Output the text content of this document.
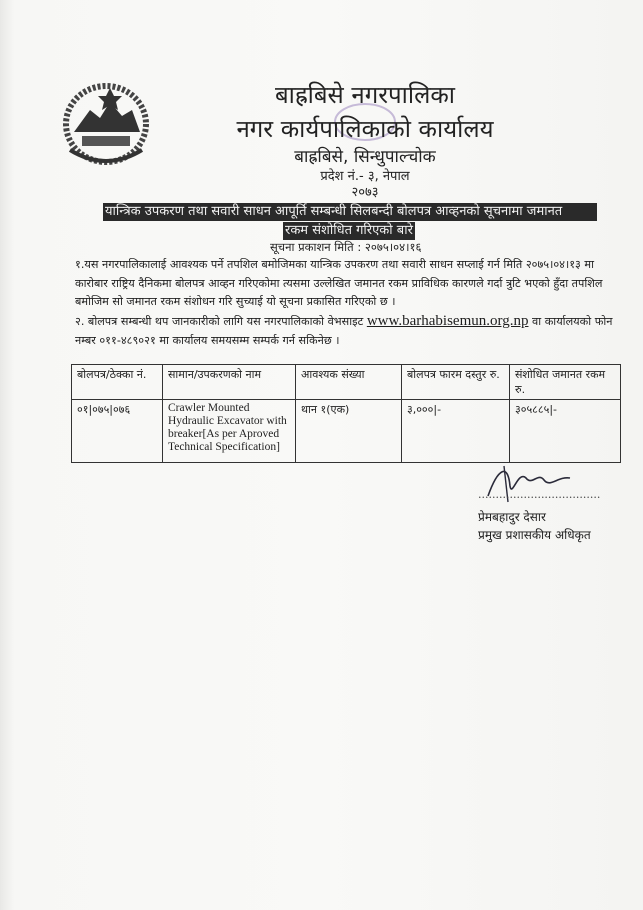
बाह्रबिसे नगरपालिका
नगर कार्यपालिकाको कार्यालय
बाह्रबिसे, सिन्धुपाल्चोक
प्रदेश नं.- ३, नेपाल
२०७३
यान्त्रिक उपकरण तथा सवारी साधन आपूर्ति सम्बन्धी सिलबन्दी बोलपत्र आव्हनको सूचनामा जमानत
रकम संशोधित गरिएको बारे
सूचना प्रकाशन मिति : २०७५।०४।१६
१.यस नगरपालिकालाई आवश्यक पर्ने तपशिल बमोजिमका यान्त्रिक उपकरण तथा सवारी साधन सप्लाई गर्न मिति २०७५।०४।१३ मा कारोबार राष्ट्रिय दैनिकमा बोलपत्र आव्हन गरिएकोमा त्यसमा उल्लेखित जमानत रकम प्राविधिक कारणले गर्दा त्रुटि भएको हुँदा तपशिल बमोजिम सो जमानत रकम संशोधन गरि सुच्याई यो सूचना प्रकासित गरिएको छ ।
२. बोलपत्र सम्बन्धी थप जानकारीको लागि यस नगरपालिकाको वेभसाइट www.barhabisemun.org.np वा कार्यालयको फोन नम्बर ०११-४८९०२१ मा कार्यालय समयसम्म सम्पर्क गर्न सकिनेछ ।
बोलपत्र/ठेक्का नं.	सामान/उपकरणको नाम	आवश्यक संख्या	बोलपत्र फारम दस्तुर रु.	संशोधित जमानत रकम रु.
०१|०७५|०७६	Crawler Mounted Hydraulic Excavator with breaker[As per Aproved Technical Specification]	थान १(एक)	३,०००|-	३०५८८५|-
...................................
प्रेमबहादुर देसार
प्रमुख प्रशासकीय अधिकृत
